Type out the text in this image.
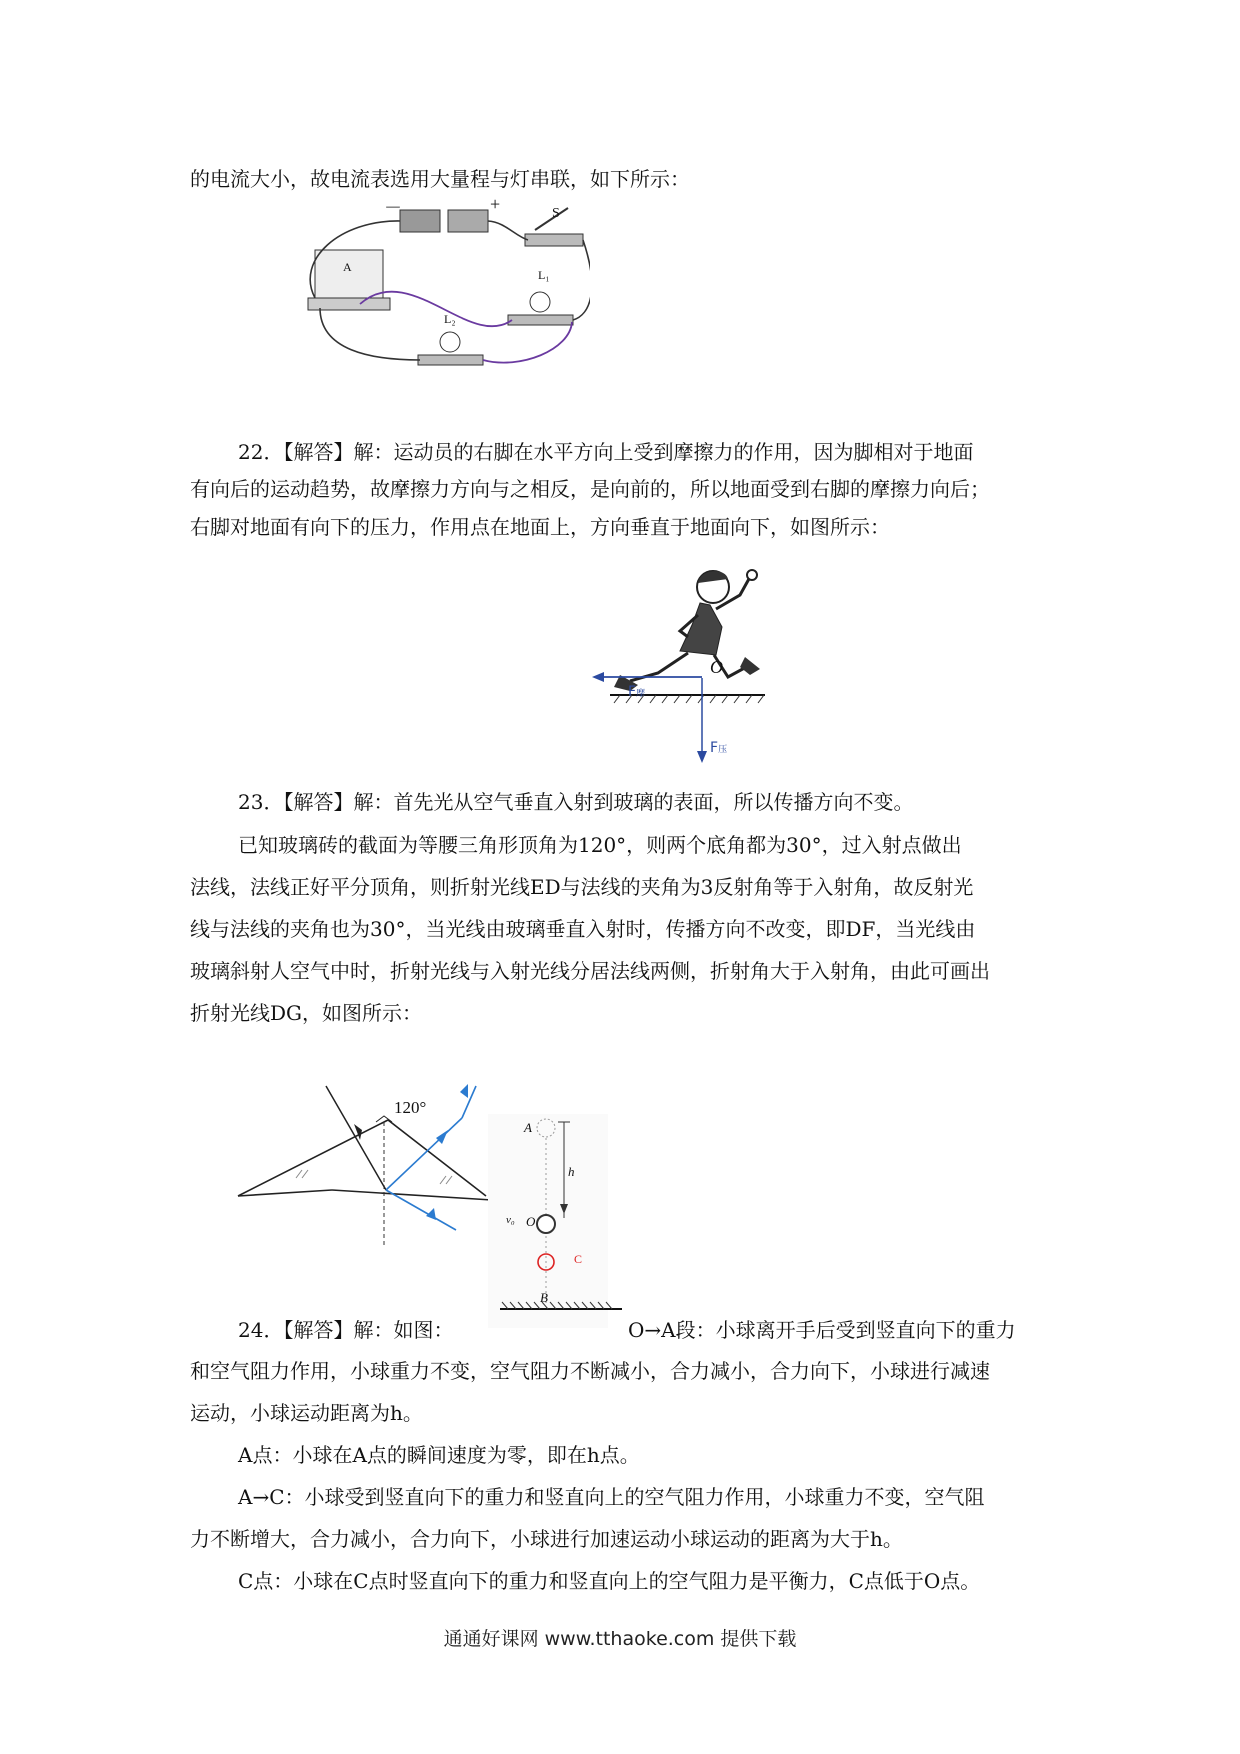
的电流大小，故电流表选用大量程与灯串联，如下所示：
－	+	S
A
L₁
L₂
22．【解答】解：运动员的右脚在水平方向上受到摩擦力的作用，因为脚相对于地面
有向后的运动趋势，故摩擦力方向与之相反，是向前的，所以地面受到右脚的摩擦力向后；
右脚对地面有向下的压力，作用点在地面上，方向垂直于地面向下，如图所示：
O
F摩
F压
23．【解答】解：首先光从空气垂直入射到玻璃的表面，所以传播方向不变。
已知玻璃砖的截面为等腰三角形顶角为120°，则两个底角都为30°，过入射点做出
法线，法线正好平分顶角，则折射光线ED与法线的夹角为3反射角等于入射角，故反射光
线与法线的夹角也为30°，当光线由玻璃垂直入射时，传播方向不改变，即DF，当光线由
玻璃斜射人空气中时，折射光线与入射光线分居法线两侧，折射角大于入射角，由此可画出
折射光线DG，如图所示：
120°
A
h
v₀ O
C
B
24．【解答】解：如图：	O→A段：小球离开手后受到竖直向下的重力
和空气阻力作用，小球重力不变，空气阻力不断减小，合力减小，合力向下，小球进行减速
运动，小球运动距离为h。
A点：小球在A点的瞬间速度为零，即在h点。
A→C：小球受到竖直向下的重力和竖直向上的空气阻力作用，小球重力不变，空气阻
力不断增大，合力减小，合力向下，小球进行加速运动小球运动的距离为大于h。
C点：小球在C点时竖直向下的重力和竖直向上的空气阻力是平衡力，C点低于O点。
通通好课网 www.tthaoke.com 提供下载
